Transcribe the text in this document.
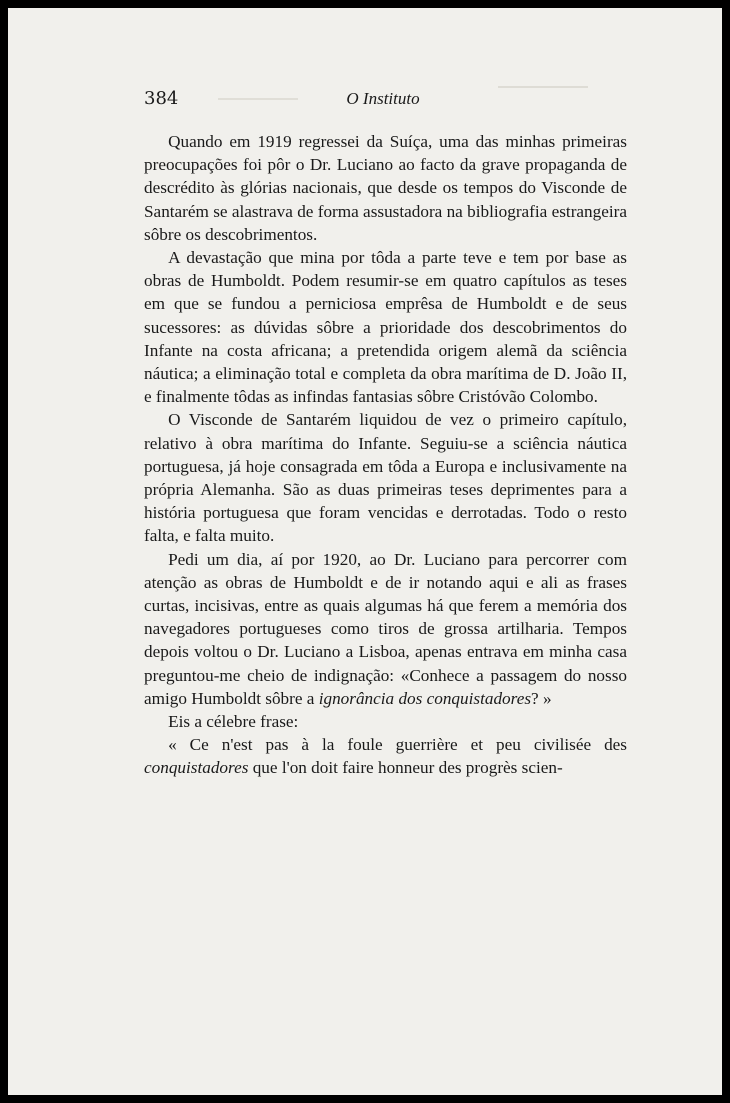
384	O Instituto

Quando em 1919 regressei da Suíça, uma das minhas primeiras preocupações foi pôr o Dr. Luciano ao facto da grave propaganda de descrédito às glórias nacionais, que desde os tempos do Visconde de Santarém se alastrava de forma assustadora na bibliografia estrangeira sôbre os descobrimentos.

A devastação que mina por tôda a parte teve e tem por base as obras de Humboldt. Podem resumir-se em quatro capítulos as teses em que se fundou a perniciosa emprêsa de Humboldt e de seus sucessores: as dúvidas sôbre a prioridade dos descobrimentos do Infante na costa africana; a pretendida origem alemã da sciência náutica; a eliminação total e completa da obra marítima de D. João II, e finalmente tôdas as infindas fantasias sôbre Cristóvão Colombo.

O Visconde de Santarém liquidou de vez o primeiro capítulo, relativo à obra marítima do Infante. Seguiu-se a sciência náutica portuguesa, já hoje consagrada em tôda a Europa e inclusivamente na própria Alemanha. São as duas primeiras teses deprimentes para a história portuguesa que foram vencidas e derrotadas. Todo o resto falta, e falta muito.

Pedi um dia, aí por 1920, ao Dr. Luciano para percorrer com atenção as obras de Humboldt e de ir notando aqui e ali as frases curtas, incisivas, entre as quais algumas há que ferem a memória dos navegadores portugueses como tiros de grossa artilharia. Tempos depois voltou o Dr. Luciano a Lisboa, apenas entrava em minha casa preguntou-me cheio de indignação: «Conhece a passagem do nosso amigo Humboldt sôbre a ignorância dos conquistadores? »

Eis a célebre frase:

« Ce n'est pas à la foule guerrière et peu civilisée des conquistadores que l'on doit faire honneur des progrès scien-
